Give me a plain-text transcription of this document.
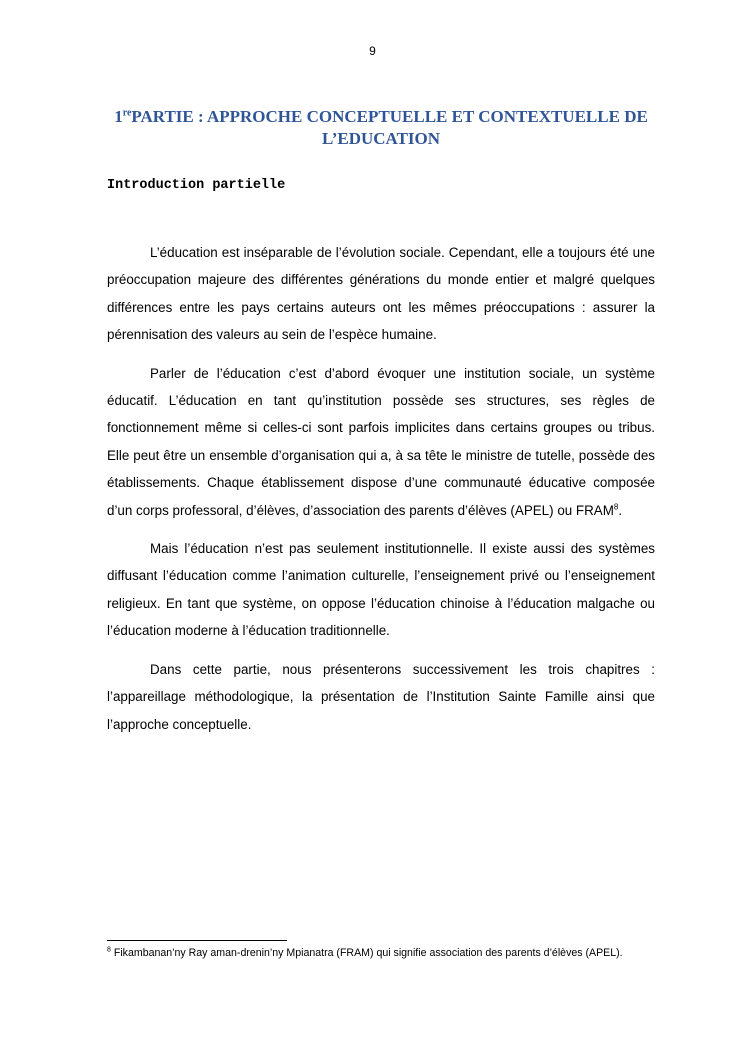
9
1rePARTIE : APPROCHE CONCEPTUELLE ET CONTEXTUELLE DE
L’EDUCATION
Introduction partielle

L’éducation est inséparable de l’évolution sociale. Cependant, elle a toujours été une préoccupation majeure des différentes générations du monde entier et malgré quelques différences entre les pays certains auteurs ont les mêmes préoccupations : assurer la pérennisation des valeurs au sein de l’espèce humaine.

Parler de l’éducation c’est d’abord évoquer une institution sociale, un système éducatif. L’éducation en tant qu’institution possède ses structures, ses règles de fonctionnement même si celles-ci sont parfois implicites dans certains groupes ou tribus. Elle peut être un ensemble d’organisation qui a, à sa tête le ministre de tutelle, possède des établissements. Chaque établissement dispose d’une communauté éducative composée d’un corps professoral, d’élèves, d’association des parents d’élèves (APEL) ou FRAM$^8$.

Mais l’éducation n’est pas seulement institutionnelle. Il existe aussi des systèmes diffusant l’éducation comme l’animation culturelle, l’enseignement privé ou l’enseignement religieux. En tant que système, on oppose l’éducation chinoise à l’éducation malgache ou l’éducation moderne à l’éducation traditionnelle.

Dans cette partie, nous présenterons successivement les trois chapitres : l’appareillage méthodologique, la présentation de l’Institution Sainte Famille ainsi que l’approche conceptuelle.

$^8$ Fikambanan’ny Ray aman-drenin’ny Mpianatra (FRAM) qui signifie association des parents d’élèves (APEL).
